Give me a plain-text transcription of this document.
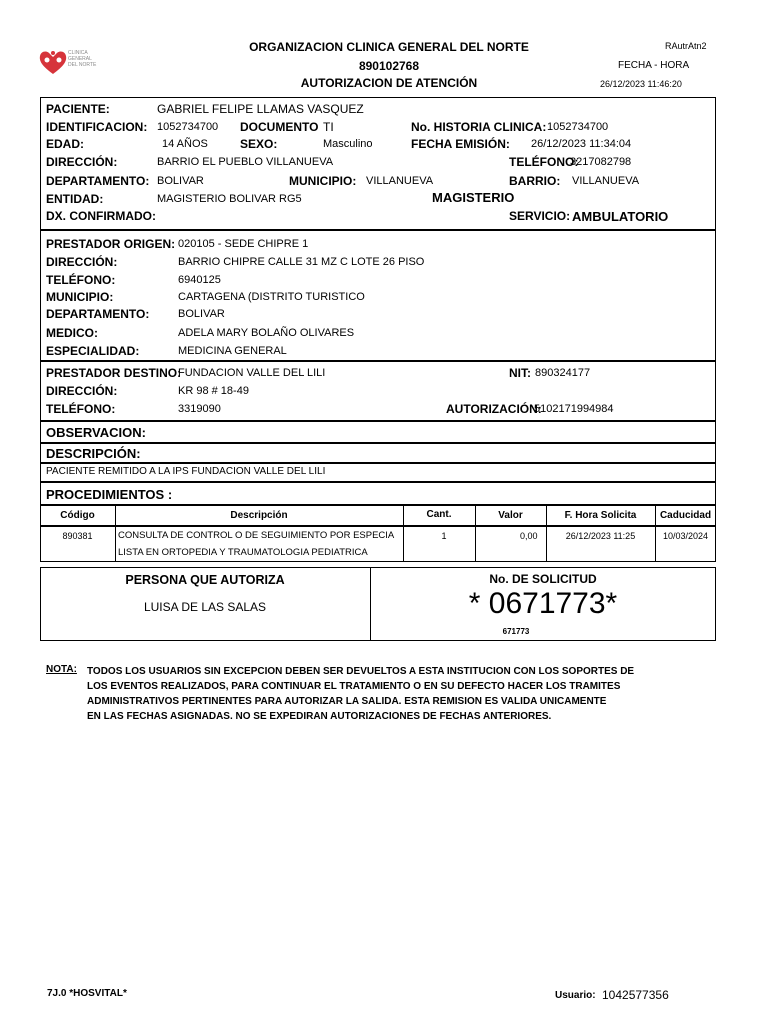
CLINICA
GENERAL
DEL NORTE
ORGANIZACION CLINICA GENERAL DEL NORTE
890102768
AUTORIZACION DE ATENCIÓN
RAutrAtn2
FECHA - HORA
26/12/2023 11:46:20
PACIENTE:	GABRIEL FELIPE LLAMAS VASQUEZ
IDENTIFICACION: 1052734700 DOCUMENTO TI	No. HISTORIA CLINICA: 1052734700
EDAD:	14 AÑOS	SEXO:	Masculino	FECHA EMISIÓN: 26/12/2023 11:34:04
DIRECCIÓN:	BARRIO EL PUEBLO VILLANUEVA	TELÉFONO:
3217082798
DEPARTAMENTO: BOLIVAR	MUNICIPIO: VILLANUEVA	BARRIO: VILLANUEVA
ENTIDAD:	MAGISTERIO BOLIVAR RG5	MAGISTERIO
DX. CONFIRMADO:	SERVICIO: AMBULATORIO
PRESTADOR ORIGEN: 020105 - SEDE CHIPRE 1
DIRECCIÓN:	BARRIO CHIPRE CALLE 31 MZ C LOTE 26 PISO
TELÉFONO:	6940125
MUNICIPIO:	CARTAGENA (DISTRITO TURISTICO
DEPARTAMENTO:	BOLIVAR
MEDICO:	ADELA MARY BOLAÑO OLIVARES
ESPECIALIDAD:	MEDICINA GENERAL
PRESTADOR DESTINO:
FUNDACION VALLE DEL LILI	NIT: 890324177
DIRECCIÓN:	KR 98 # 18-49
TELÉFONO:	3319090	AUTORIZACIÓN:
5102171994984
OBSERVACION:
DESCRIPCIÓN:
PACIENTE REMITIDO A LA IPS FUNDACION VALLE DEL LILI
PROCEDIMIENTOS :
Código	Descripción	Cant.	Valor	F. Hora Solicita	Caducidad
890381	CONSULTA DE CONTROL O DE SEGUIMIENTO POR ESPECIA
LISTA EN ORTOPEDIA Y TRAUMATOLOGIA PEDIATRICA
1	0,00	26/12/2023 11:25	10/03/2024
PERSONA QUE AUTORIZA
LUISA DE LAS SALAS
No. DE SOLICITUD
* 0671773*
671773
NOTA: TODOS LOS USUARIOS SIN EXCEPCION DEBEN SER DEVUELTOS A ESTA INSTITUCION CON LOS SOPORTES DE
LOS EVENTOS REALIZADOS, PARA CONTINUAR EL TRATAMIENTO O EN SU DEFECTO HACER LOS TRAMITES
ADMINISTRATIVOS PERTINENTES PARA AUTORIZAR LA SALIDA. ESTA REMISION ES VALIDA UNICAMENTE
EN LAS FECHAS ASIGNADAS. NO SE EXPEDIRAN AUTORIZACIONES DE FECHAS ANTERIORES.
7J.0 *HOSVITAL*	Usuario: 1042577356
